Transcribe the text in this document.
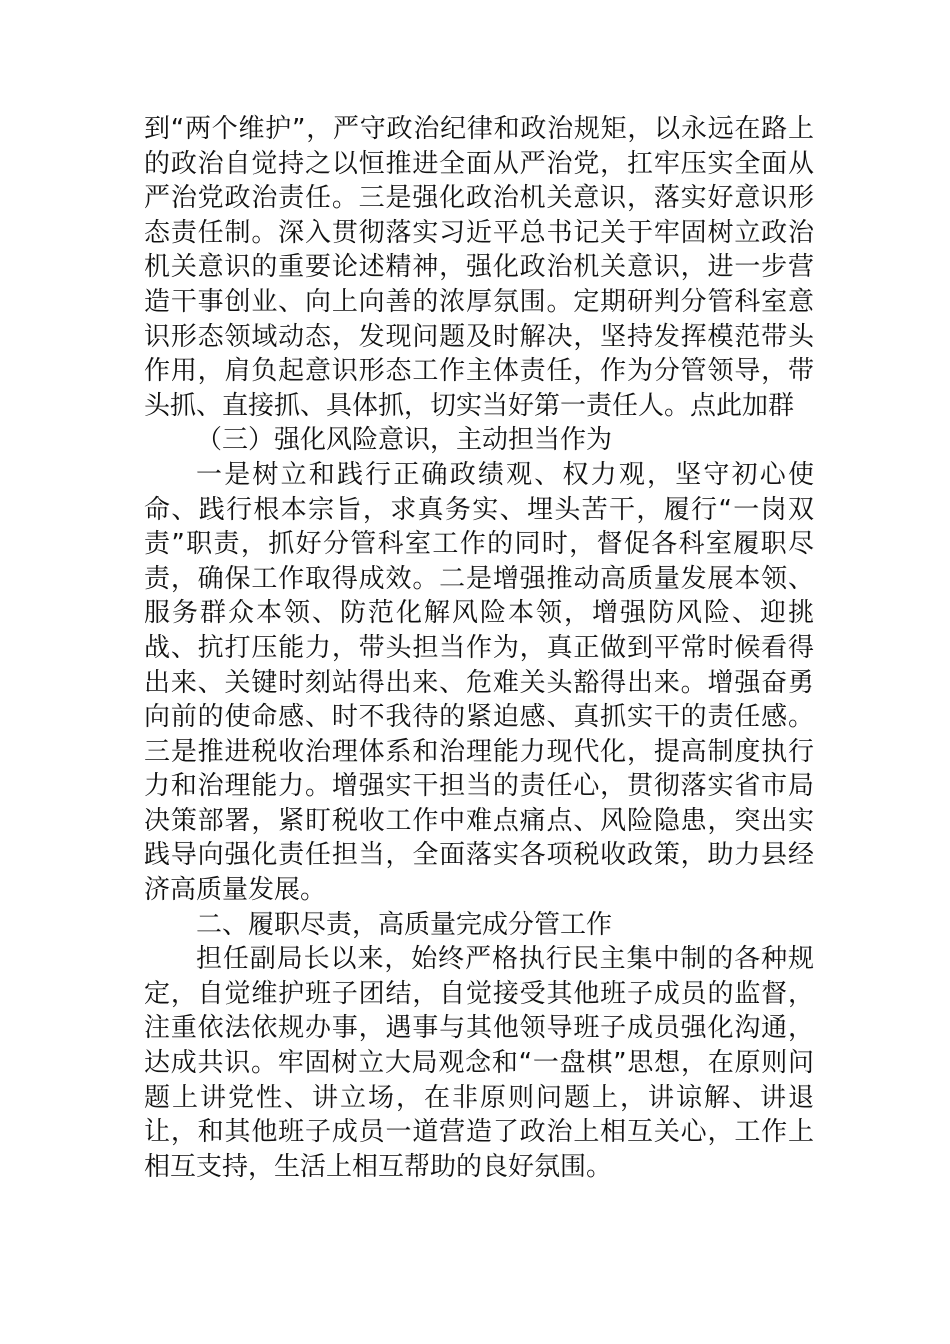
到“两个维护”，严守政治纪律和政治规矩，以永远在路上的政治自觉持之以恒推进全面从严治党，扛牢压实全面从严治党政治责任。三是强化政治机关意识，落实好意识形态责任制。深入贯彻落实习近平总书记关于牢固树立政治机关意识的重要论述精神，强化政治机关意识，进一步营造干事创业、向上向善的浓厚氛围。定期研判分管科室意识形态领域动态，发现问题及时解决，坚持发挥模范带头作用，肩负起意识形态工作主体责任，作为分管领导，带头抓、直接抓、具体抓，切实当好第一责任人。点此加群

（三）强化风险意识，主动担当作为

一是树立和践行正确政绩观、权力观，坚守初心使命、践行根本宗旨，求真务实、埋头苦干，履行“一岗双责”职责，抓好分管科室工作的同时，督促各科室履职尽责，确保工作取得成效。二是增强推动高质量发展本领、服务群众本领、防范化解风险本领，增强防风险、迎挑战、抗打压能力，带头担当作为，真正做到平常时候看得出来、关键时刻站得出来、危难关头豁得出来。增强奋勇向前的使命感、时不我待的紧迫感、真抓实干的责任感。三是推进税收治理体系和治理能力现代化，提高制度执行力和治理能力。增强实干担当的责任心，贯彻落实省市局决策部署，紧盯税收工作中难点痛点、风险隐患，突出实践导向强化责任担当，全面落实各项税收政策，助力县经济高质量发展。

二、履职尽责，高质量完成分管工作

担任副局长以来，始终严格执行民主集中制的各种规定，自觉维护班子团结，自觉接受其他班子成员的监督，注重依法依规办事，遇事与其他领导班子成员强化沟通，达成共识。牢固树立大局观念和“一盘棋”思想，在原则问题上讲党性、讲立场，在非原则问题上，讲谅解、讲退让，和其他班子成员一道营造了政治上相互关心，工作上相互支持，生活上相互帮助的良好氛围。
